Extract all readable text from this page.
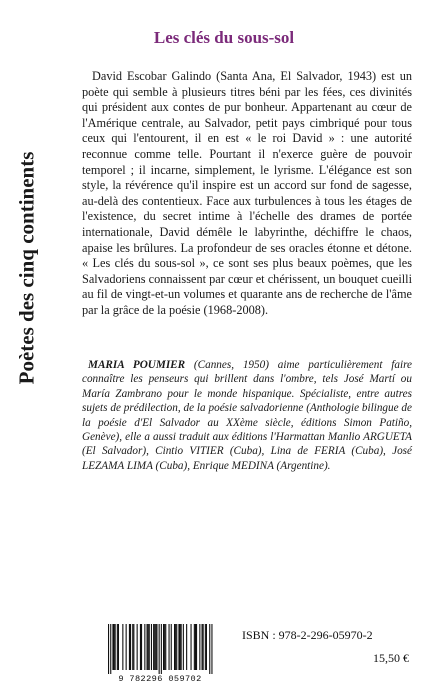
Poètes des cinq continents
Les clés du sous-sol

David Escobar Galindo (Santa Ana, El Salvador, 1943) est un poète qui semble à plusieurs titres béni par les fées, ces divinités qui président aux contes de pur bonheur. Appartenant au cœur de l'Amérique centrale, au Salvador, petit pays cimbriqué pour tous ceux qui l'entourent, il en est « le roi David » : une autorité reconnue comme telle. Pourtant il n'exerce guère de pouvoir temporel ; il incarne, simplement, le lyrisme. L'élégance est son style, la révérence qu'il inspire est un accord sur fond de sagesse, au-delà des contentieux. Face aux turbulences à tous les étages de l'existence, du secret intime à l'échelle des drames de portée internationale, David démêle le labyrinthe, déchiffre le chaos, apaise les brûlures. La profondeur de ses oracles étonne et détone. « Les clés du sous-sol », ce sont ses plus beaux poèmes, que les Salvadoriens connaissent par cœur et chérissent, un bouquet cueilli au fil de vingt-et-un volumes et quarante ans de recherche de l'âme par la grâce de la poésie (1968-2008).

MARIA POUMIER (Cannes, 1950) aime particulièrement faire connaître les penseurs qui brillent dans l'ombre, tels José Martí ou María Zambrano pour le monde hispanique. Spécialiste, entre autres sujets de prédilection, de la poésie salvadorienne (Anthologie bilingue de la poésie d'El Salvador au XXème siècle, éditions Simon Patiño, Genève), elle a aussi traduit aux éditions l'Harmattan Manlio ARGUETA (El Salvador), Cintio VITIER (Cuba), Lina de FERIA (Cuba), José LEZAMA LIMA (Cuba), Enrique MEDINA (Argentine).

9 782296 059702
ISBN : 978-2-296-05970-2
15,50 €
